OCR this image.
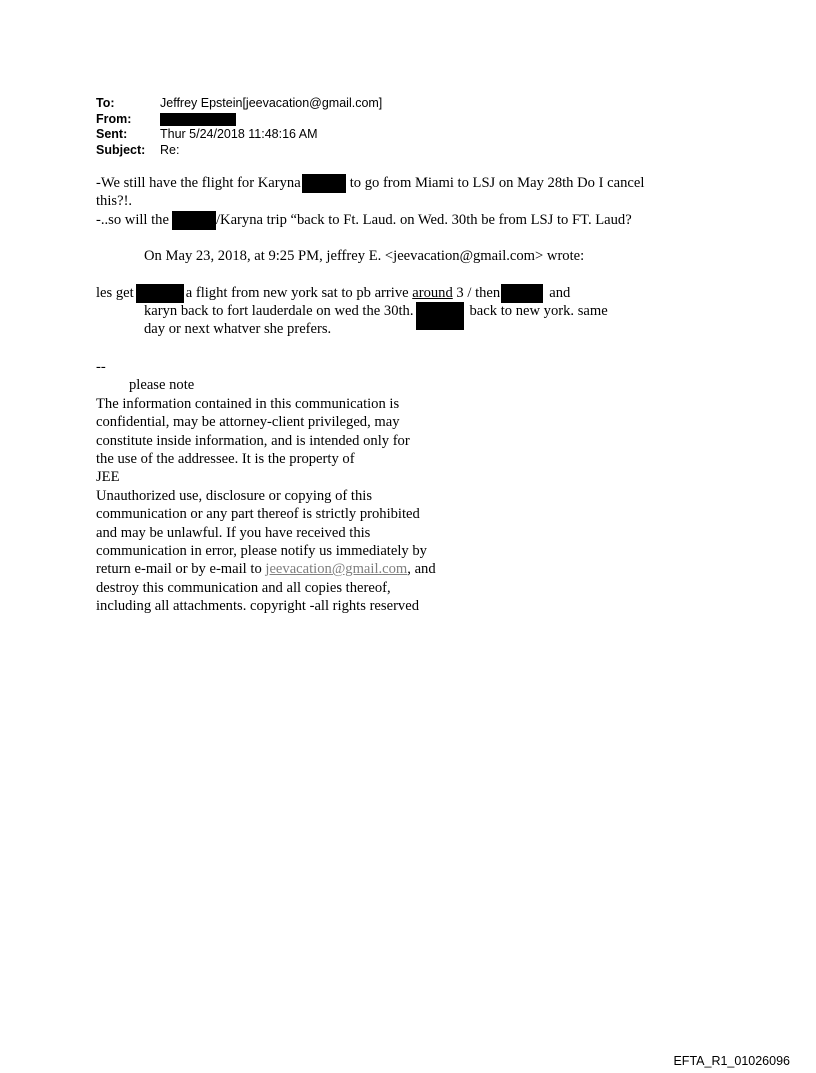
To:	Jeffrey Epstein[jeevacation@gmail.com]
From:
Sent:	Thur 5/24/2018 11:48:16 AM
Subject:	Re:
-We still have the flight for Karyna	to go from Miami to LSJ on May 28th Do I cancel
this?!.
-..so will the	/Karyna trip “back to Ft. Laud. on Wed. 30th be from LSJ to FT. Laud?
On May 23, 2018, at 9:25 PM, jeffrey E. <jeevacation@gmail.com> wrote:
les get	a flight from new york sat to pb arrive around 3 / then	and
karyn back to fort lauderdale on wed the 30th.	back to new york. same
day or next whatver she prefers.
--
please note
The information contained in this communication is
confidential, may be attorney-client privileged, may
constitute inside information, and is intended only for
the use of the addressee. It is the property of
JEE
Unauthorized use, disclosure or copying of this
communication or any part thereof is strictly prohibited
and may be unlawful. If you have received this
communication in error, please notify us immediately by
return e-mail or by e-mail to jeevacation@gmail.com, and
destroy this communication and all copies thereof,
including all attachments. copyright -all rights reserved
EFTA_R1_01026096
